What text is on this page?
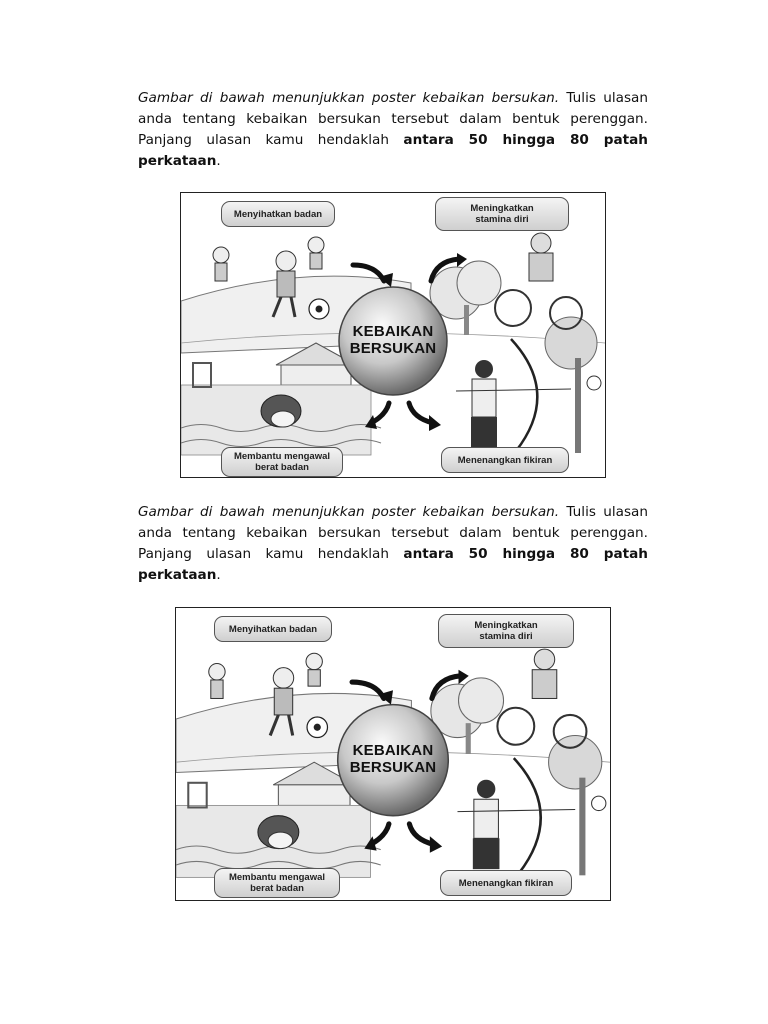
Gambar di bawah menunjukkan poster kebaikan bersukan. Tulis ulasan anda tentang kebaikan bersukan tersebut dalam bentuk perenggan. Panjang ulasan kamu hendaklah antara 50 hingga 80 patah perkataan.

Menyihatkan badan	Meningkatkan
stamina diri
Membantu mengawal
berat badan
Menenangkan fikiran
KEBAIKAN
BERSUKAN

Gambar di bawah menunjukkan poster kebaikan bersukan. Tulis ulasan anda tentang kebaikan bersukan tersebut dalam bentuk perenggan. Panjang ulasan kamu hendaklah antara 50 hingga 80 patah perkataan.

Menyihatkan badan	Meningkatkan
stamina diri
Membantu mengawal
berat badan	Menenangkan fikiran
KEBAIKAN
BERSUKAN
